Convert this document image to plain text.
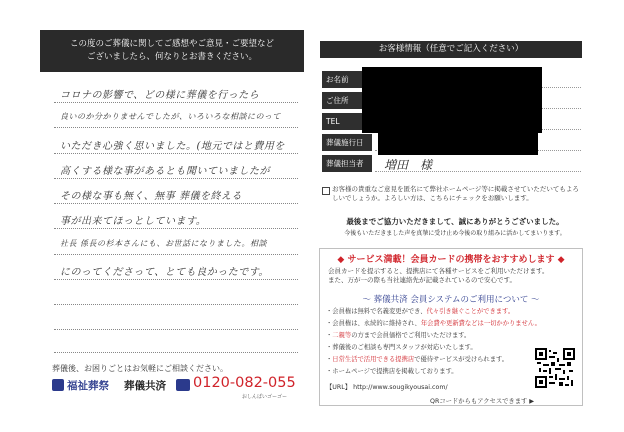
この度のご葬儀に関してご感想やご意見・ご要望など
ございましたら、何なりとお書きください。
コロナの影響で、どの様に葬儀を行ったら
良いのか分かりませんでしたが、いろいろな相談にのって
いただき心強く思いました。(地元ではと費用を
高くする様な事があるとも聞いていましたが
その様な事も無く、無事 葬儀を終える
事が出来てほっとしています。
社長 係長の杉本さんにも、お世話になりました。相談
にのってくださって、とても良かったです。
葬儀後、お困りごとはお気軽にご相談ください。
福祉葬祭 葬儀共済 0120-082-055
おしんぱいゴーゴー
お客様情報（任意でご記入ください）
お名前
ご住所
TEL
葬儀施行日
葬儀担当者	増田　様
お客様の貴重なご意見を匿名にて弊社ホームページ等に掲載させていただいてもよろしいでしょうか。よろしい方は、こちらにチェックをお願いします。
最後までご協力いただきまして、誠にありがとうございました。
今後もいただきました声を真摯に受け止め今後の取り組みに活かしてまいります。
◆ サービス満載！会員カードの携帯をおすすめします ◆
会員カードを提示すると、提携店にて各種サービスをご利用いただけます。
また、万が一の際も当社連絡先が記載されているので安心です。
〜 葬儀共済 会員システムのご利用について 〜
・会員権は無料で名義変更ができ、代々引き継ぐことができます。
・会員権は、永続的に維持され、年会費や更新費などは一切かかりません。
・二親等の方まで会員価格でご利用いただけます。
・葬儀後のご相談も専門スタッフが対応いたします。
・日常生活で活用できる提携店で優待サービスが受けられます。
・ホームページで提携店を掲載しております。
【URL】 http://www.sougikyousai.com/
QRコードからもアクセスできます ▶
